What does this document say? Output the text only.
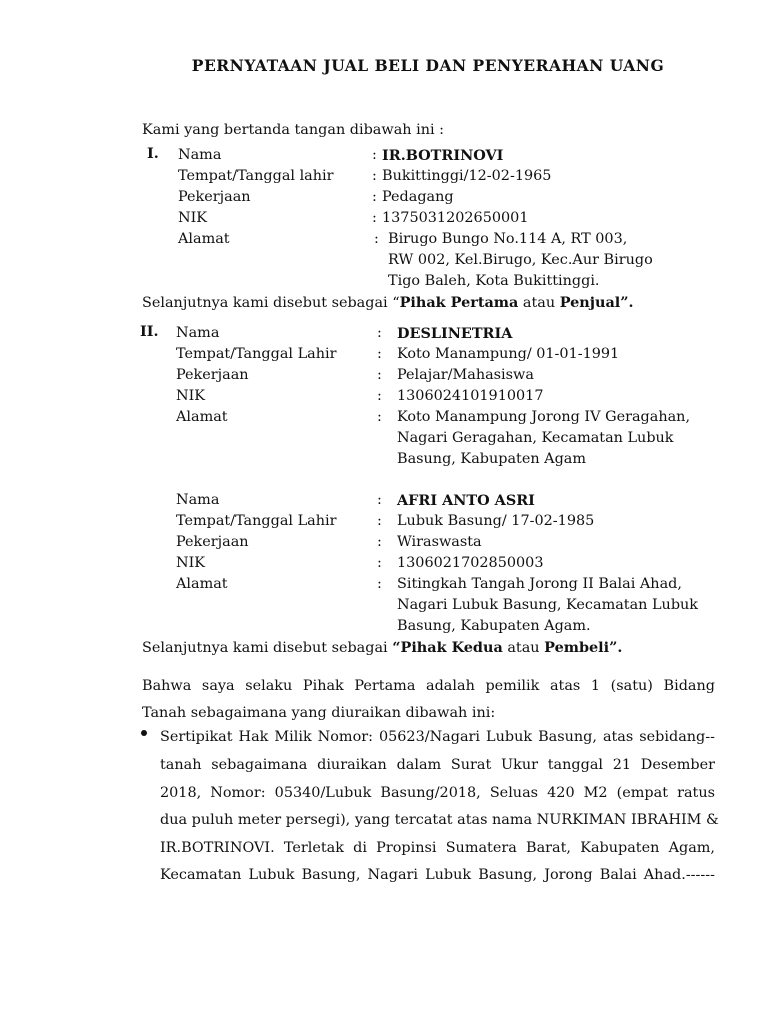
PERNYATAAN JUAL BELI DAN PENYERAHAN UANG
Kami yang bertanda tangan dibawah ini :
I. Nama
Tempat/Tanggal lahir
Pekerjaan
NIK
Alamat
:
:
:
:
:
IR.BOTRINOVI
Bukittinggi/12-02-1965
Pedagang
1375031202650001
Birugo Bungo No.114 A, RT 003,
RW 002, Kel.Birugo, Kec.Aur Birugo
Tigo Baleh, Kota Bukittinggi.
Selanjutnya kami disebut sebagai “Pihak Pertama atau Penjual”.
II. Nama
Tempat/Tanggal Lahir
Pekerjaan
NIK
Alamat
:
:
:
:
:
DESLINETRIA
Koto Manampung/ 01-01-1991
Pelajar/Mahasiswa
1306024101910017
Koto Manampung Jorong IV Geragahan,
Nagari Geragahan, Kecamatan Lubuk
Basung, Kabupaten Agam
Nama
Tempat/Tanggal Lahir
Pekerjaan
NIK
Alamat
:
:
:
:
:
AFRI ANTO ASRI
Lubuk Basung/ 17-02-1985
Wiraswasta
1306021702850003
Sitingkah Tangah Jorong II Balai Ahad,
Nagari Lubuk Basung, Kecamatan Lubuk
Basung, Kabupaten Agam.
Selanjutnya kami disebut sebagai “Pihak Kedua atau Pembeli”.
Bahwa saya selaku Pihak Pertama adalah pemilik atas 1 (satu) Bidang
Tanah sebagaimana yang diuraikan dibawah ini:
Sertipikat Hak Milik Nomor: 05623/Nagari Lubuk Basung, atas sebidang--
tanah sebagaimana diuraikan dalam Surat Ukur tanggal 21 Desember
2018, Nomor: 05340/Lubuk Basung/2018, Seluas 420 M2 (empat ratus
dua puluh meter persegi), yang tercatat atas nama NURKIMAN IBRAHIM &
IR.BOTRINOVI. Terletak di Propinsi Sumatera Barat, Kabupaten Agam,
Kecamatan Lubuk Basung, Nagari Lubuk Basung, Jorong Balai Ahad.------
